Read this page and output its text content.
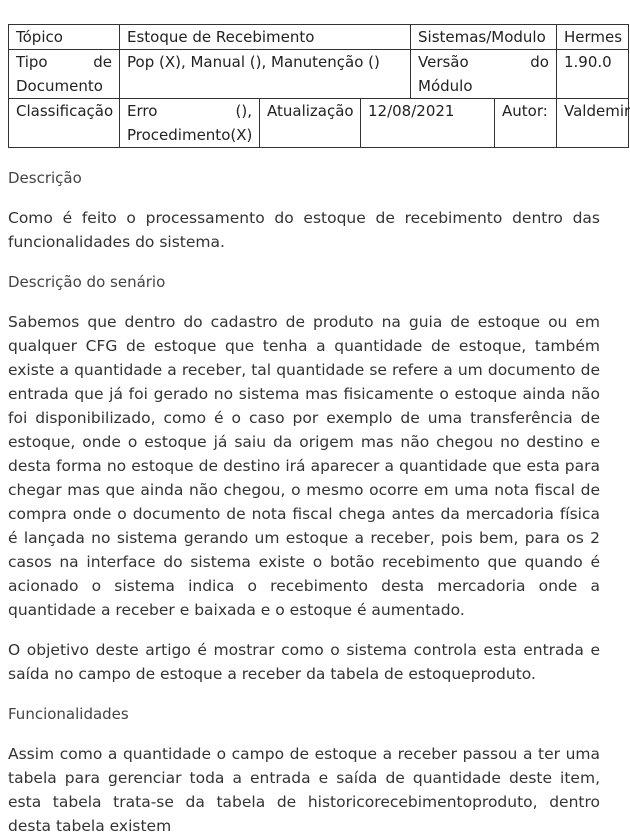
Tópico	Estoque de Recebimento			Sistemas/Modulo		Hermes
Tipo de Documento	Pop (X), Manual (), Manutenção ()			Versão do Módulo		1.90.0
Classificação	Erro (), Procedimento(X)	Atualização	12/08/2021		Autor:	Valdemir
Descrição

Como é feito o processamento do estoque de recebimento dentro das funcionalidades do sistema.

Descrição do senário

Sabemos que dentro do cadastro de produto na guia de estoque ou em qualquer CFG de estoque que tenha a quantidade de estoque, também existe a quantidade a receber, tal quantidade se refere a um documento de entrada que já foi gerado no sistema mas fisicamente o estoque ainda não foi disponibilizado, como é o caso por exemplo de uma transferência de estoque, onde o estoque já saiu da origem mas não chegou no destino e desta forma no estoque de destino irá aparecer a quantidade que esta para chegar mas que ainda não chegou, o mesmo ocorre em uma nota fiscal de compra onde o documento de nota fiscal chega antes da mercadoria física é lançada no sistema gerando um estoque a receber, pois bem, para os 2 casos na interface do sistema existe o botão recebimento que quando é acionado o sistema indica o recebimento desta mercadoria onde a quantidade a receber e baixada e o estoque é aumentado.

O objetivo deste artigo é mostrar como o sistema controla esta entrada e saída no campo de estoque a receber da tabela de estoqueproduto.

Funcionalidades

Assim como a quantidade o campo de estoque a receber passou a ter uma tabela para gerenciar toda a entrada e saída de quantidade deste item, esta tabela trata-se da tabela de historicorecebimentoproduto, dentro desta tabela existem
